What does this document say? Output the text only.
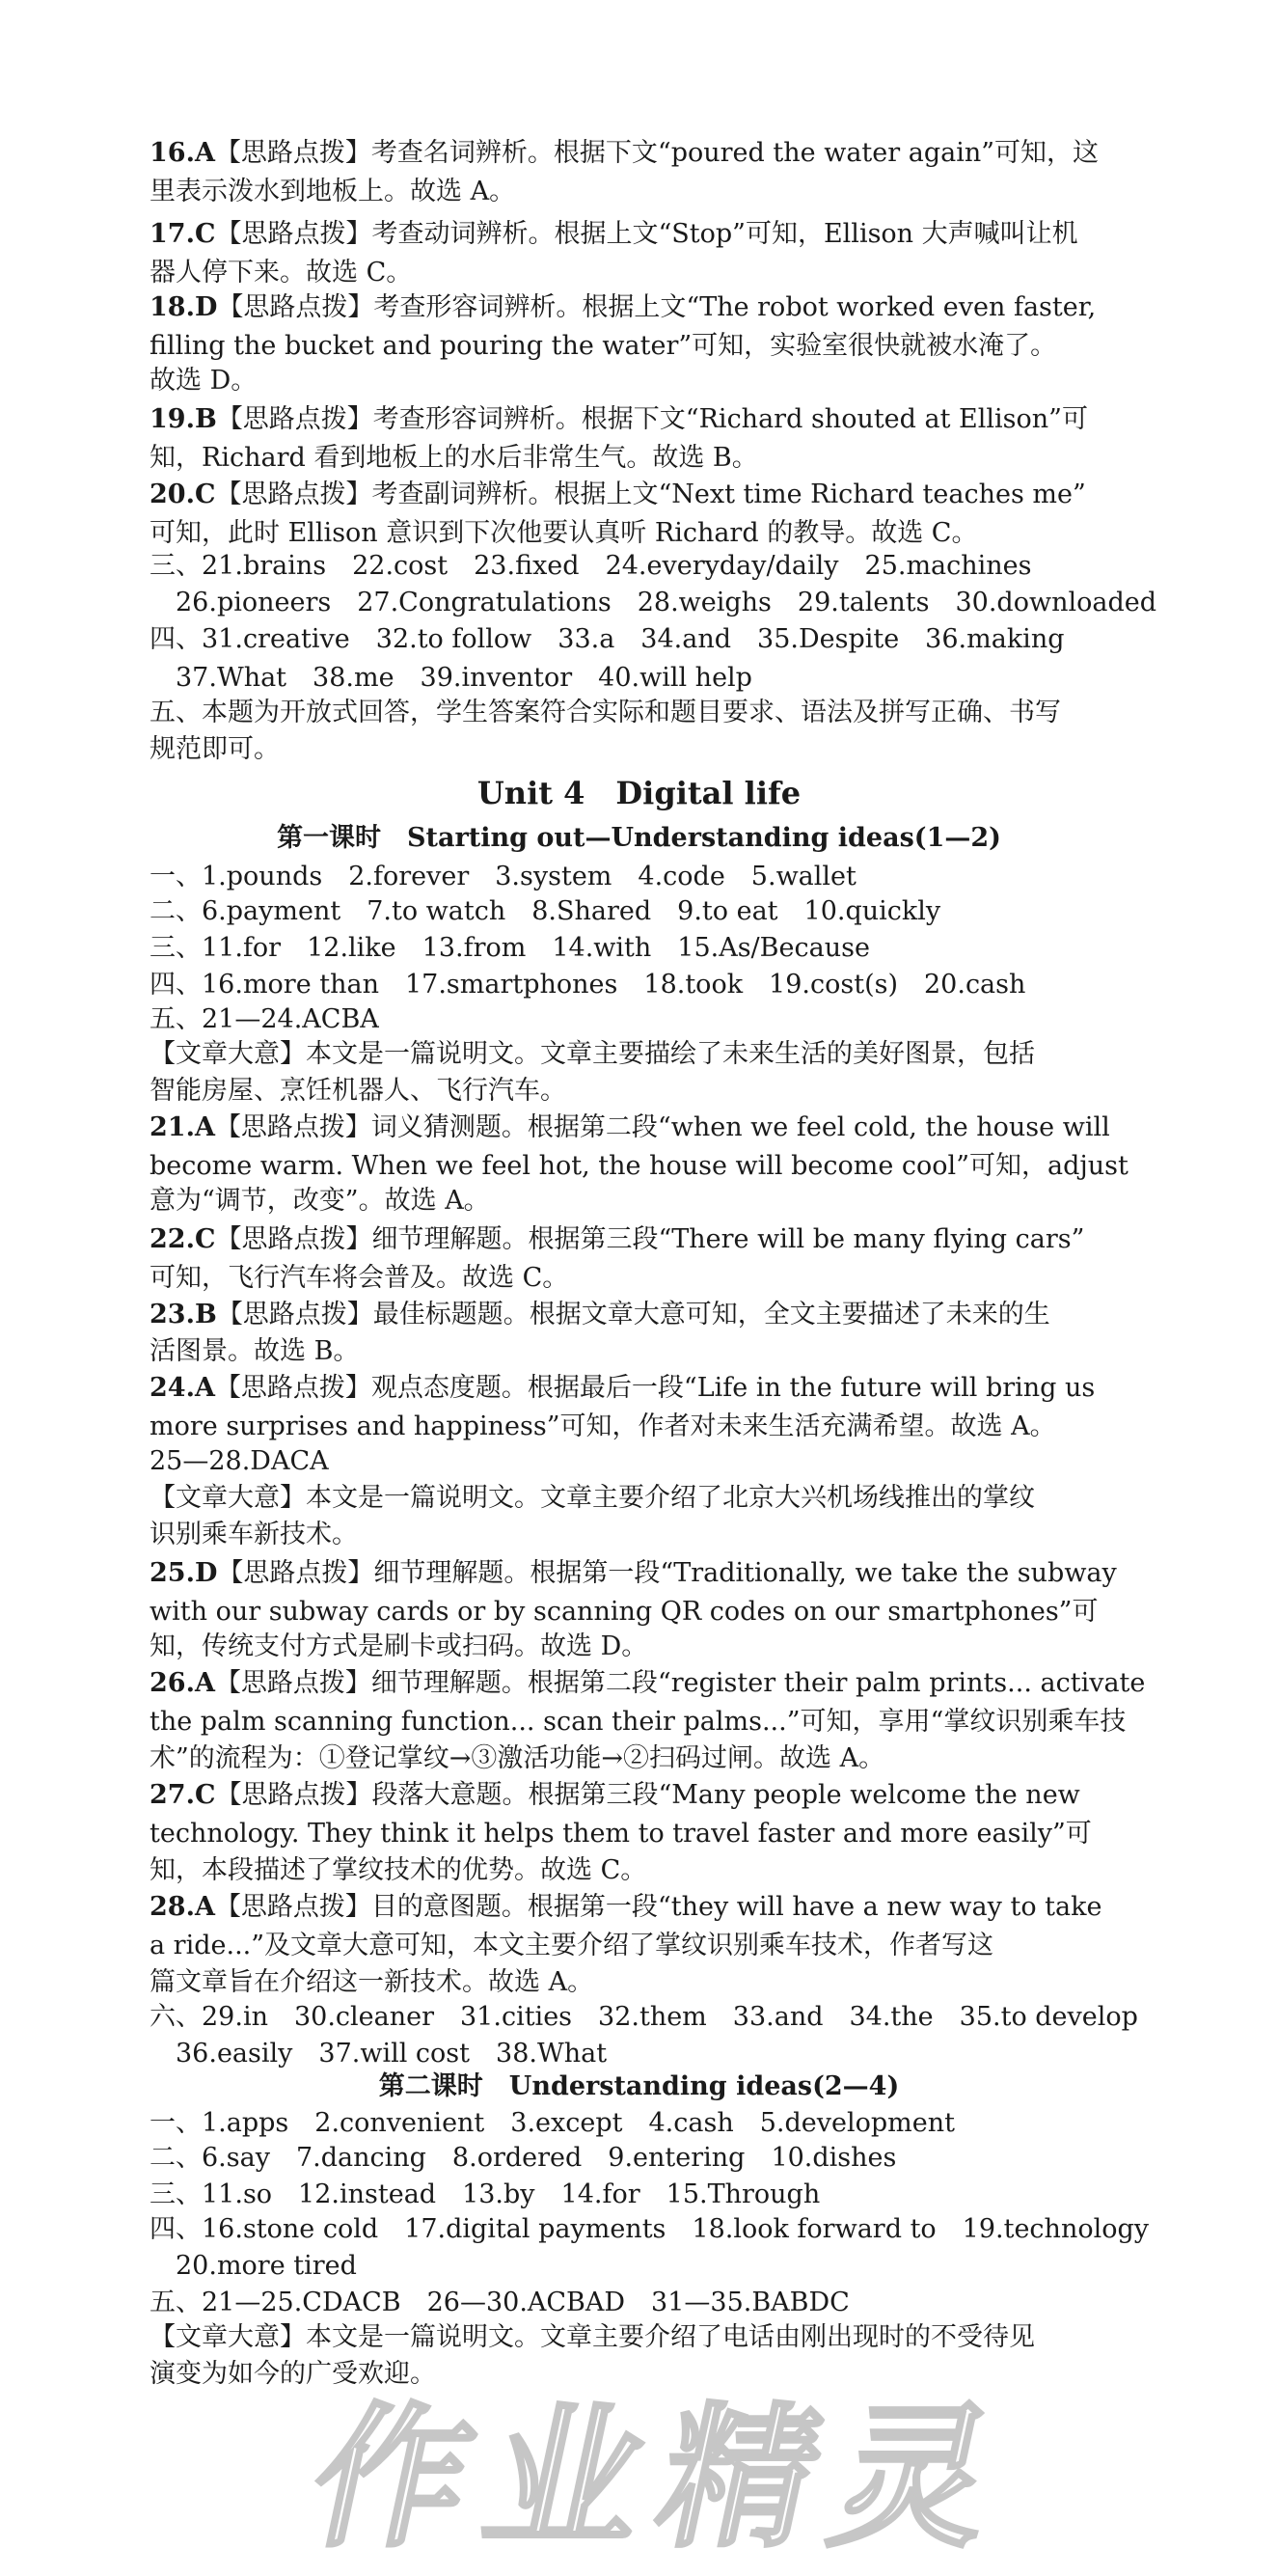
16.A【思路点拨】考查名词辨析。根据下文“poured the water again”可知，这
里表示泼水到地板上。故选 A。
17.C【思路点拨】考查动词辨析。根据上文“Stop”可知，Ellison 大声喊叫让机
器人停下来。故选 C。
18.D【思路点拨】考查形容词辨析。根据上文“The robot worked even faster,
filling the bucket and pouring the water”可知，实验室很快就被水淹了。
故选 D。
19.B【思路点拨】考查形容词辨析。根据下文“Richard shouted at Ellison”可
知，Richard 看到地板上的水后非常生气。故选 B。
20.C【思路点拨】考查副词辨析。根据上文“Next time Richard teaches me”
可知，此时 Ellison 意识到下次他要认真听 Richard 的教导。故选 C。
三、21.brains　22.cost　23.fixed　24.everyday/daily　25.machines
　26.pioneers　27.Congratulations　28.weighs　29.talents　30.downloaded
四、31.creative　32.to follow　33.a　34.and　35.Despite　36.making
　37.What　38.me　39.inventor　40.will help
五、本题为开放式回答，学生答案符合实际和题目要求、语法及拼写正确、书写
规范即可。
一、1.pounds　2.forever　3.system　4.code　5.wallet
二、6.payment　7.to watch　8.Shared　9.to eat　10.quickly
三、11.for　12.like　13.from　14.with　15.As/Because
四、16.more than　17.smartphones　18.took　19.cost(s)　20.cash
五、21—24.ACBA
【文章大意】本文是一篇说明文。文章主要描绘了未来生活的美好图景，包括
智能房屋、烹饪机器人、飞行汽车。
21.A【思路点拨】词义猜测题。根据第二段“when we feel cold, the house will
become warm. When we feel hot, the house will become cool”可知，adjust
意为“调节，改变”。故选 A。
22.C【思路点拨】细节理解题。根据第三段“There will be many flying cars”
可知，飞行汽车将会普及。故选 C。
23.B【思路点拨】最佳标题题。根据文章大意可知，全文主要描述了未来的生
活图景。故选 B。
24.A【思路点拨】观点态度题。根据最后一段“Life in the future will bring us
more surprises and happiness”可知，作者对未来生活充满希望。故选 A。
25—28.DACA
【文章大意】本文是一篇说明文。文章主要介绍了北京大兴机场线推出的掌纹
识别乘车新技术。
25.D【思路点拨】细节理解题。根据第一段“Traditionally, we take the subway
with our subway cards or by scanning QR codes on our smartphones”可
知，传统支付方式是刷卡或扫码。故选 D。
26.A【思路点拨】细节理解题。根据第二段“register their palm prints... activate
the palm scanning function... scan their palms...”可知，享用“掌纹识别乘车技
术”的流程为：①登记掌纹→③激活功能→②扫码过闸。故选 A。
27.C【思路点拨】段落大意题。根据第三段“Many people welcome the new
technology. They think it helps them to travel faster and more easily”可
知，本段描述了掌纹技术的优势。故选 C。
28.A【思路点拨】目的意图题。根据第一段“they will have a new way to take
a ride...”及文章大意可知，本文主要介绍了掌纹识别乘车技术，作者写这
篇文章旨在介绍这一新技术。故选 A。
六、29.in　30.cleaner　31.cities　32.them　33.and　34.the　35.to develop
　36.easily　37.will cost　38.What
一、1.apps　2.convenient　3.except　4.cash　5.development
二、6.say　7.dancing　8.ordered　9.entering　10.dishes
三、11.so　12.instead　13.by　14.for　15.Through
四、16.stone cold　17.digital payments　18.look forward to　19.technology
　20.more tired
五、21—25.CDACB　26—30.ACBAD　31—35.BABDC
【文章大意】本文是一篇说明文。文章主要介绍了电话由刚出现时的不受待见
演变为如今的广受欢迎。
Unit 4　Digital life
第一课时　Starting out—Understanding ideas(1—2)
第二课时　Understanding ideas(2—4)
作业精灵
